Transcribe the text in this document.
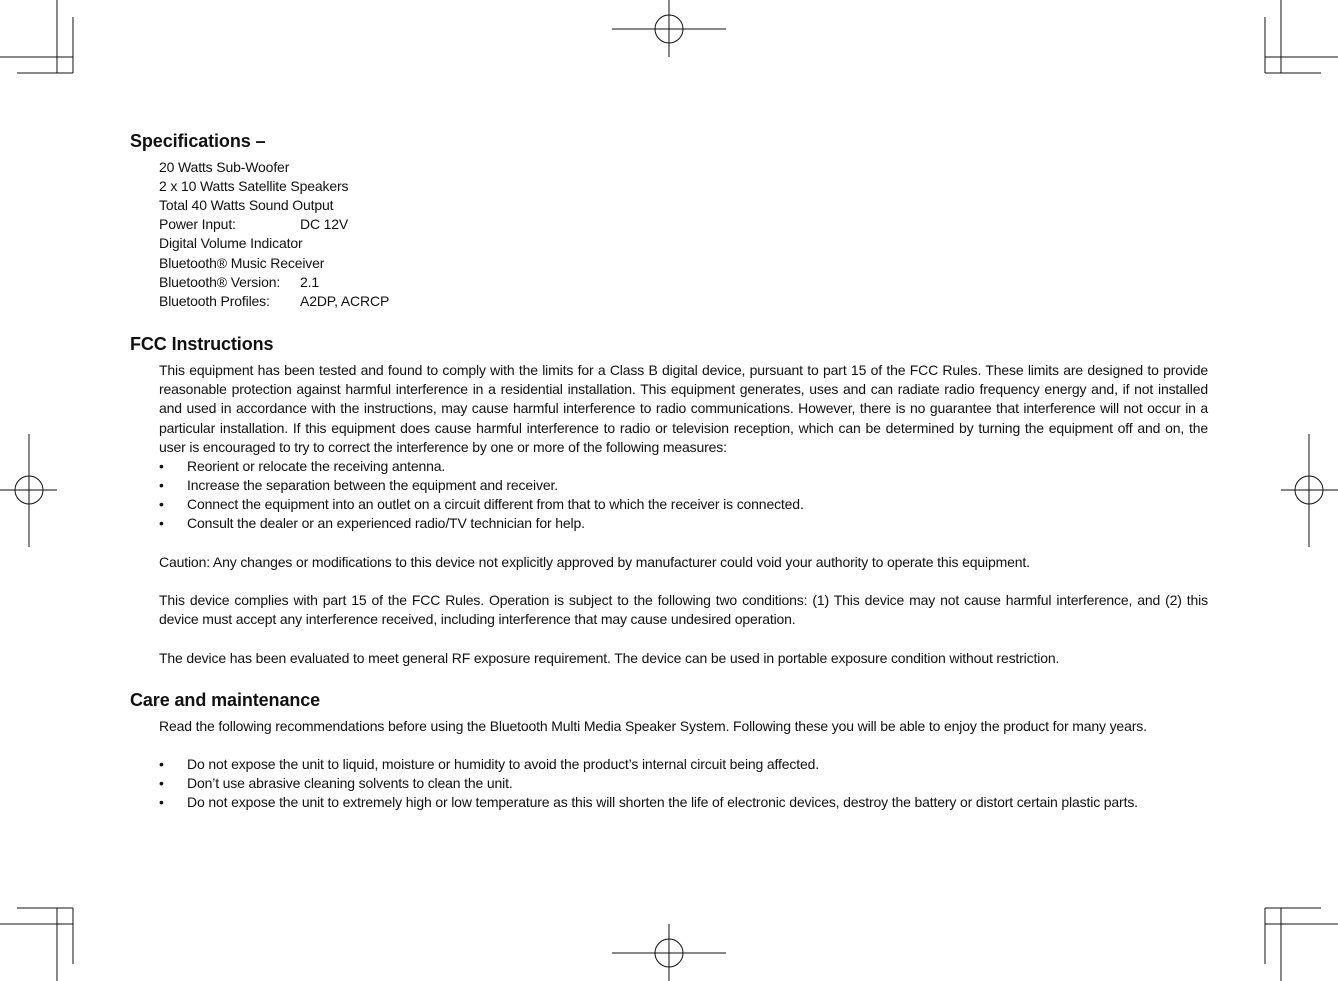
Specifications –
20 Watts Sub-Woofer
2 x 10 Watts Satellite Speakers
Total 40 Watts Sound Output
Power Input:	DC 12V
Digital Volume Indicator
Bluetooth® Music Receiver
Bluetooth® Version: 2.1
Bluetooth Profiles: A2DP, ACRCP
FCC Instructions
This equipment has been tested and found to comply with the limits for a Class B digital device, pursuant to part 15 of the FCC Rules. These limits are designed to provide reasonable protection against harmful interference in a residential installation. This equipment generates, uses and can radiate radio frequency energy and, if not installed and used in accordance with the instructions, may cause harmful interference to radio communications. However, there is no guarantee that interference will not occur in a particular installation. If this equipment does cause harmful interference to radio or television reception, which can be determined by turning the equipment off and on, the user is encouraged to try to correct the interference by one or more of the following measures:
•	Reorient or relocate the receiving antenna.
•	Increase the separation between the equipment and receiver.
•	Connect the equipment into an outlet on a circuit different from that to which the receiver is connected.
•	Consult the dealer or an experienced radio/TV technician for help.
Caution: Any changes or modifications to this device not explicitly approved by manufacturer could void your authority to operate this equipment.
This device complies with part 15 of the FCC Rules. Operation is subject to the following two conditions: (1) This device may not cause harmful interference, and (2) this device must accept any interference received, including interference that may cause undesired operation.
The device has been evaluated to meet general RF exposure requirement. The device can be used in portable exposure condition without restriction.
Care and maintenance
Read the following recommendations before using the Bluetooth Multi Media Speaker System. Following these you will be able to enjoy the product for many years.
•	Do not expose the unit to liquid, moisture or humidity to avoid the product’s internal circuit being affected.
•	Don’t use abrasive cleaning solvents to clean the unit.
•	Do not expose the unit to extremely high or low temperature as this will shorten the life of electronic devices, destroy the battery or distort certain plastic parts.
